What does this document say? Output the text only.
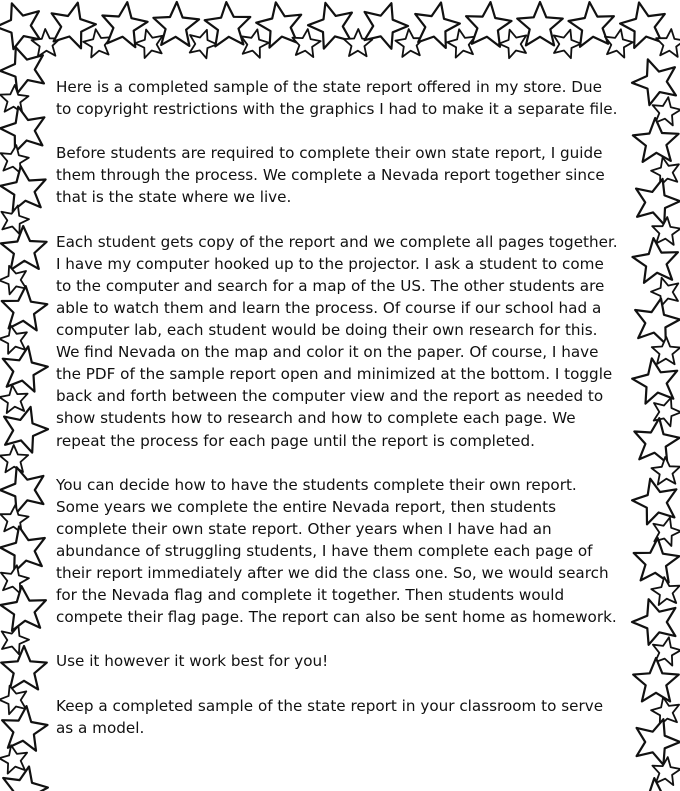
Here is a completed sample of the state report offered in my store. Due
to copyright restrictions with the graphics I had to make it a separate file.

Before students are required to complete their own state report, I guide
them through the process. We complete a Nevada report together since
that is the state where we live.

Each student gets copy of the report and we complete all pages together.
I have my computer hooked up to the projector. I ask a student to come
to the computer and search for a map of the US. The other students are
able to watch them and learn the process. Of course if our school had a
computer lab, each student would be doing their own research for this.
We find Nevada on the map and color it on the paper. Of course, I have
the PDF of the sample report open and minimized at the bottom. I toggle
back and forth between the computer view and the report as needed to
show students how to research and how to complete each page. We
repeat the process for each page until the report is completed.

You can decide how to have the students complete their own report.
Some years we complete the entire Nevada report, then students
complete their own state report. Other years when I have had an
abundance of struggling students, I have them complete each page of
their report immediately after we did the class one. So, we would search
for the Nevada flag and complete it together. Then students would
compete their flag page. The report can also be sent home as homework.

Use it however it work best for you!

Keep a completed sample of the state report in your classroom to serve
as a model.
